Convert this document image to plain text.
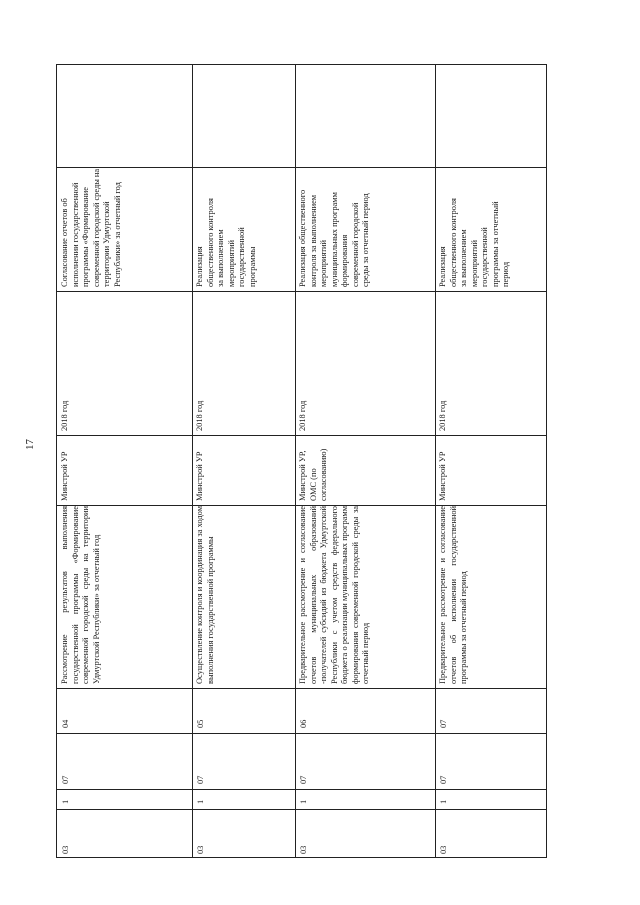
17
03
1
07
04
Рассмотрение результатов выполнения государственной программы «Формирование современной городской среды на территории Удмуртской Республики» за отчетный год
Минстрой УР
2018 год
Согласование отчетов об исполнении государственной программы «Формирование современной городской среды на территории Удмуртской Республики» за отчетный год
03
1
07
05
Осуществление контроля и координация за ходом выполнения государственной программы
Минстрой УР
2018 год
Реализация общественного контроля за выполнением мероприятий государственной программы
03
1
07
06
Предварительное рассмотрение и согласование отчетов муниципальных образований -получателей субсидий из бюджета Удмуртской Республики с учетом средств федерального бюджета о реализации муниципальных программ формирования современной городской среды за отчетный период
Минстрой УР, ОМС (по согласованию)
2018 год
Реализация общественного контроля за выполнением мероприятий муниципальных программ формирования современной городской среды за отчетный период
03
1
07
07
Предварительное рассмотрение и согласование отчетов об исполнении государственной программы за отчетный период
Минстрой УР
2018 год
Реализация общественного контроля за выполнением мероприятий государственной программы за отчетный период
